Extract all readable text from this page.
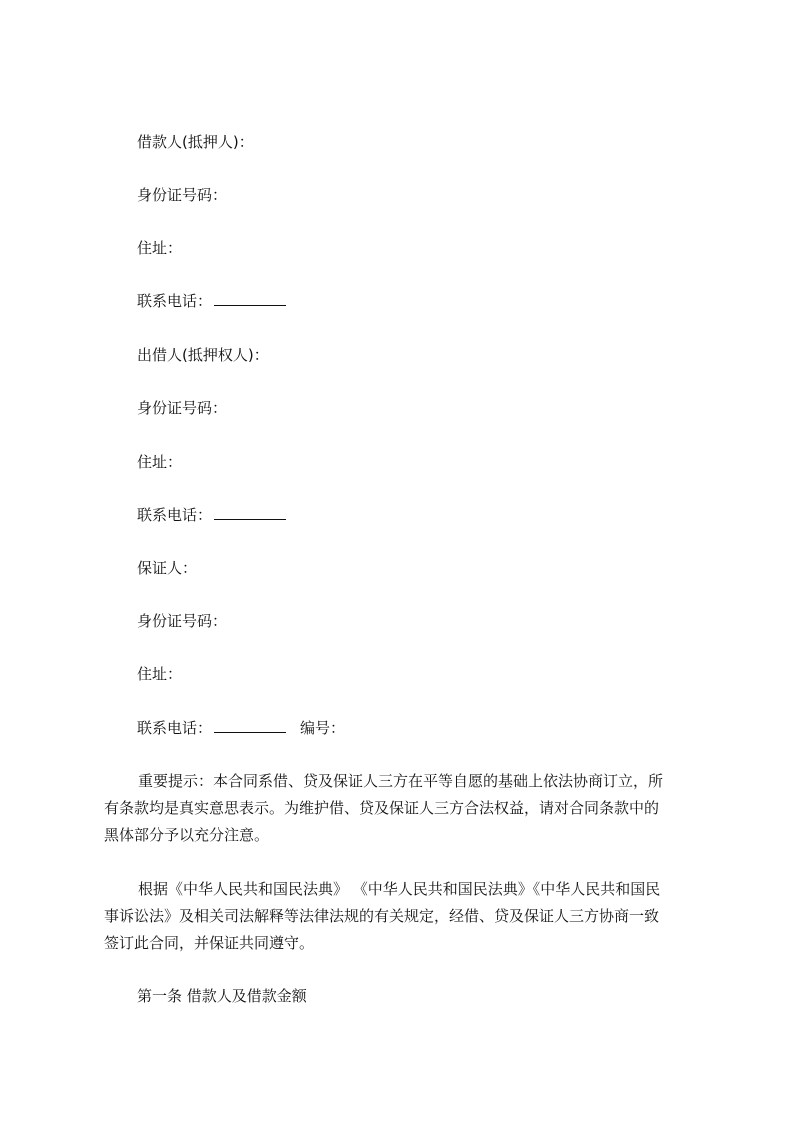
借款人(抵押人)：
身份证号码：
住址：
联系电话：
出借人(抵押权人)：
身份证号码：
住址：
联系电话：
保证人：
身份证号码：
住址：
联系电话：	编号：
重要提示：本合同系借、贷及保证人三方在平等自愿的基础上依法协商订立，所
有条款均是真实意思表示。为维护借、贷及保证人三方合法权益，请对合同条款中的
黑体部分予以充分注意。
根据《中华人民共和国民法典》 《中华人民共和国民法典》《中华人民共和国民
事诉讼法》及相关司法解释等法律法规的有关规定，经借、贷及保证人三方协商一致
签订此合同，并保证共同遵守。
第一条 借款人及借款金额
